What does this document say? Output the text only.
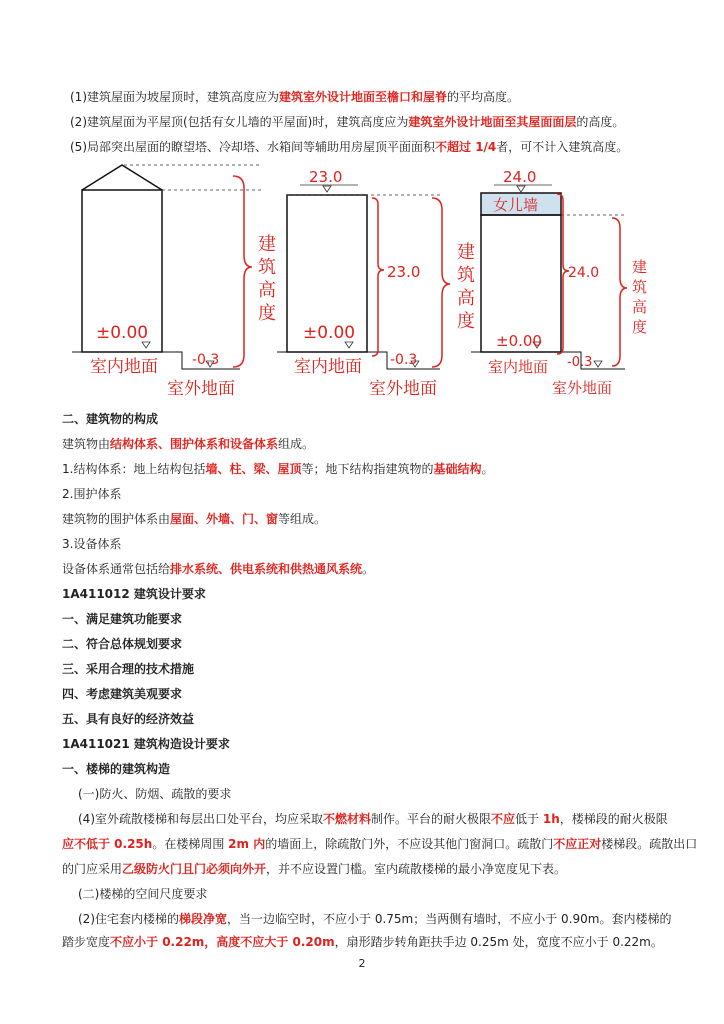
(1)建筑屋面为坡屋顶时，建筑高度应为建筑室外设计地面至檐口和屋脊的平均高度。
(2)建筑屋面为平屋顶(包括有女儿墙的平屋面)时，建筑高度应为建筑室外设计地面至其屋面面层的高度。
(5)局部突出屋面的瞭望塔、冷却塔、水箱间等辅助用房屋顶平面面积不超过 1/4者，可不计入建筑高度。
±0.00
-0.3
室内地面
室外地面
建
筑
高
度
23.0
23.0
±0.00
-0.3
室内地面
室外地面
建
筑
高
度
24.0
女儿墙
24.0
±0.00
-0.3
室内地面
室外地面
建
筑
高
度
二、建筑物的构成
建筑物由结构体系、围护体系和设备体系组成。
1.结构体系：地上结构包括墙、柱、梁、屋顶等；地下结构指建筑物的基础结构。
2.围护体系
建筑物的围护体系由屋面、外墙、门、窗等组成。
3.设备体系
设备体系通常包括给排水系统、供电系统和供热通风系统。
1A411012 建筑设计要求
一、满足建筑功能要求
二、符合总体规划要求
三、采用合理的技术措施
四、考虑建筑美观要求
五、具有良好的经济效益
1A411021 建筑构造设计要求
一、楼梯的建筑构造
(一)防火、防烟、疏散的要求
(4)室外疏散楼梯和每层出口处平台，均应采取不燃材料制作。平台的耐火极限不应低于 1h，楼梯段的耐火极限
应不低于 0.25h。在楼梯周围 2m 内的墙面上，除疏散门外，不应设其他门窗洞口。疏散门不应正对楼梯段。疏散出口
的门应采用乙级防火门且门必须向外开，并不应设置门槛。室内疏散楼梯的最小净宽度见下表。
(二)楼梯的空间尺度要求
(2)住宅套内楼梯的梯段净宽，当一边临空时，不应小于 0.75m；当两侧有墙时，不应小于 0.90m。套内楼梯的
踏步宽度不应小于 0.22m，高度不应大于 0.20m，扇形踏步转角距扶手边 0.25m 处，宽度不应小于 0.22m。
2
